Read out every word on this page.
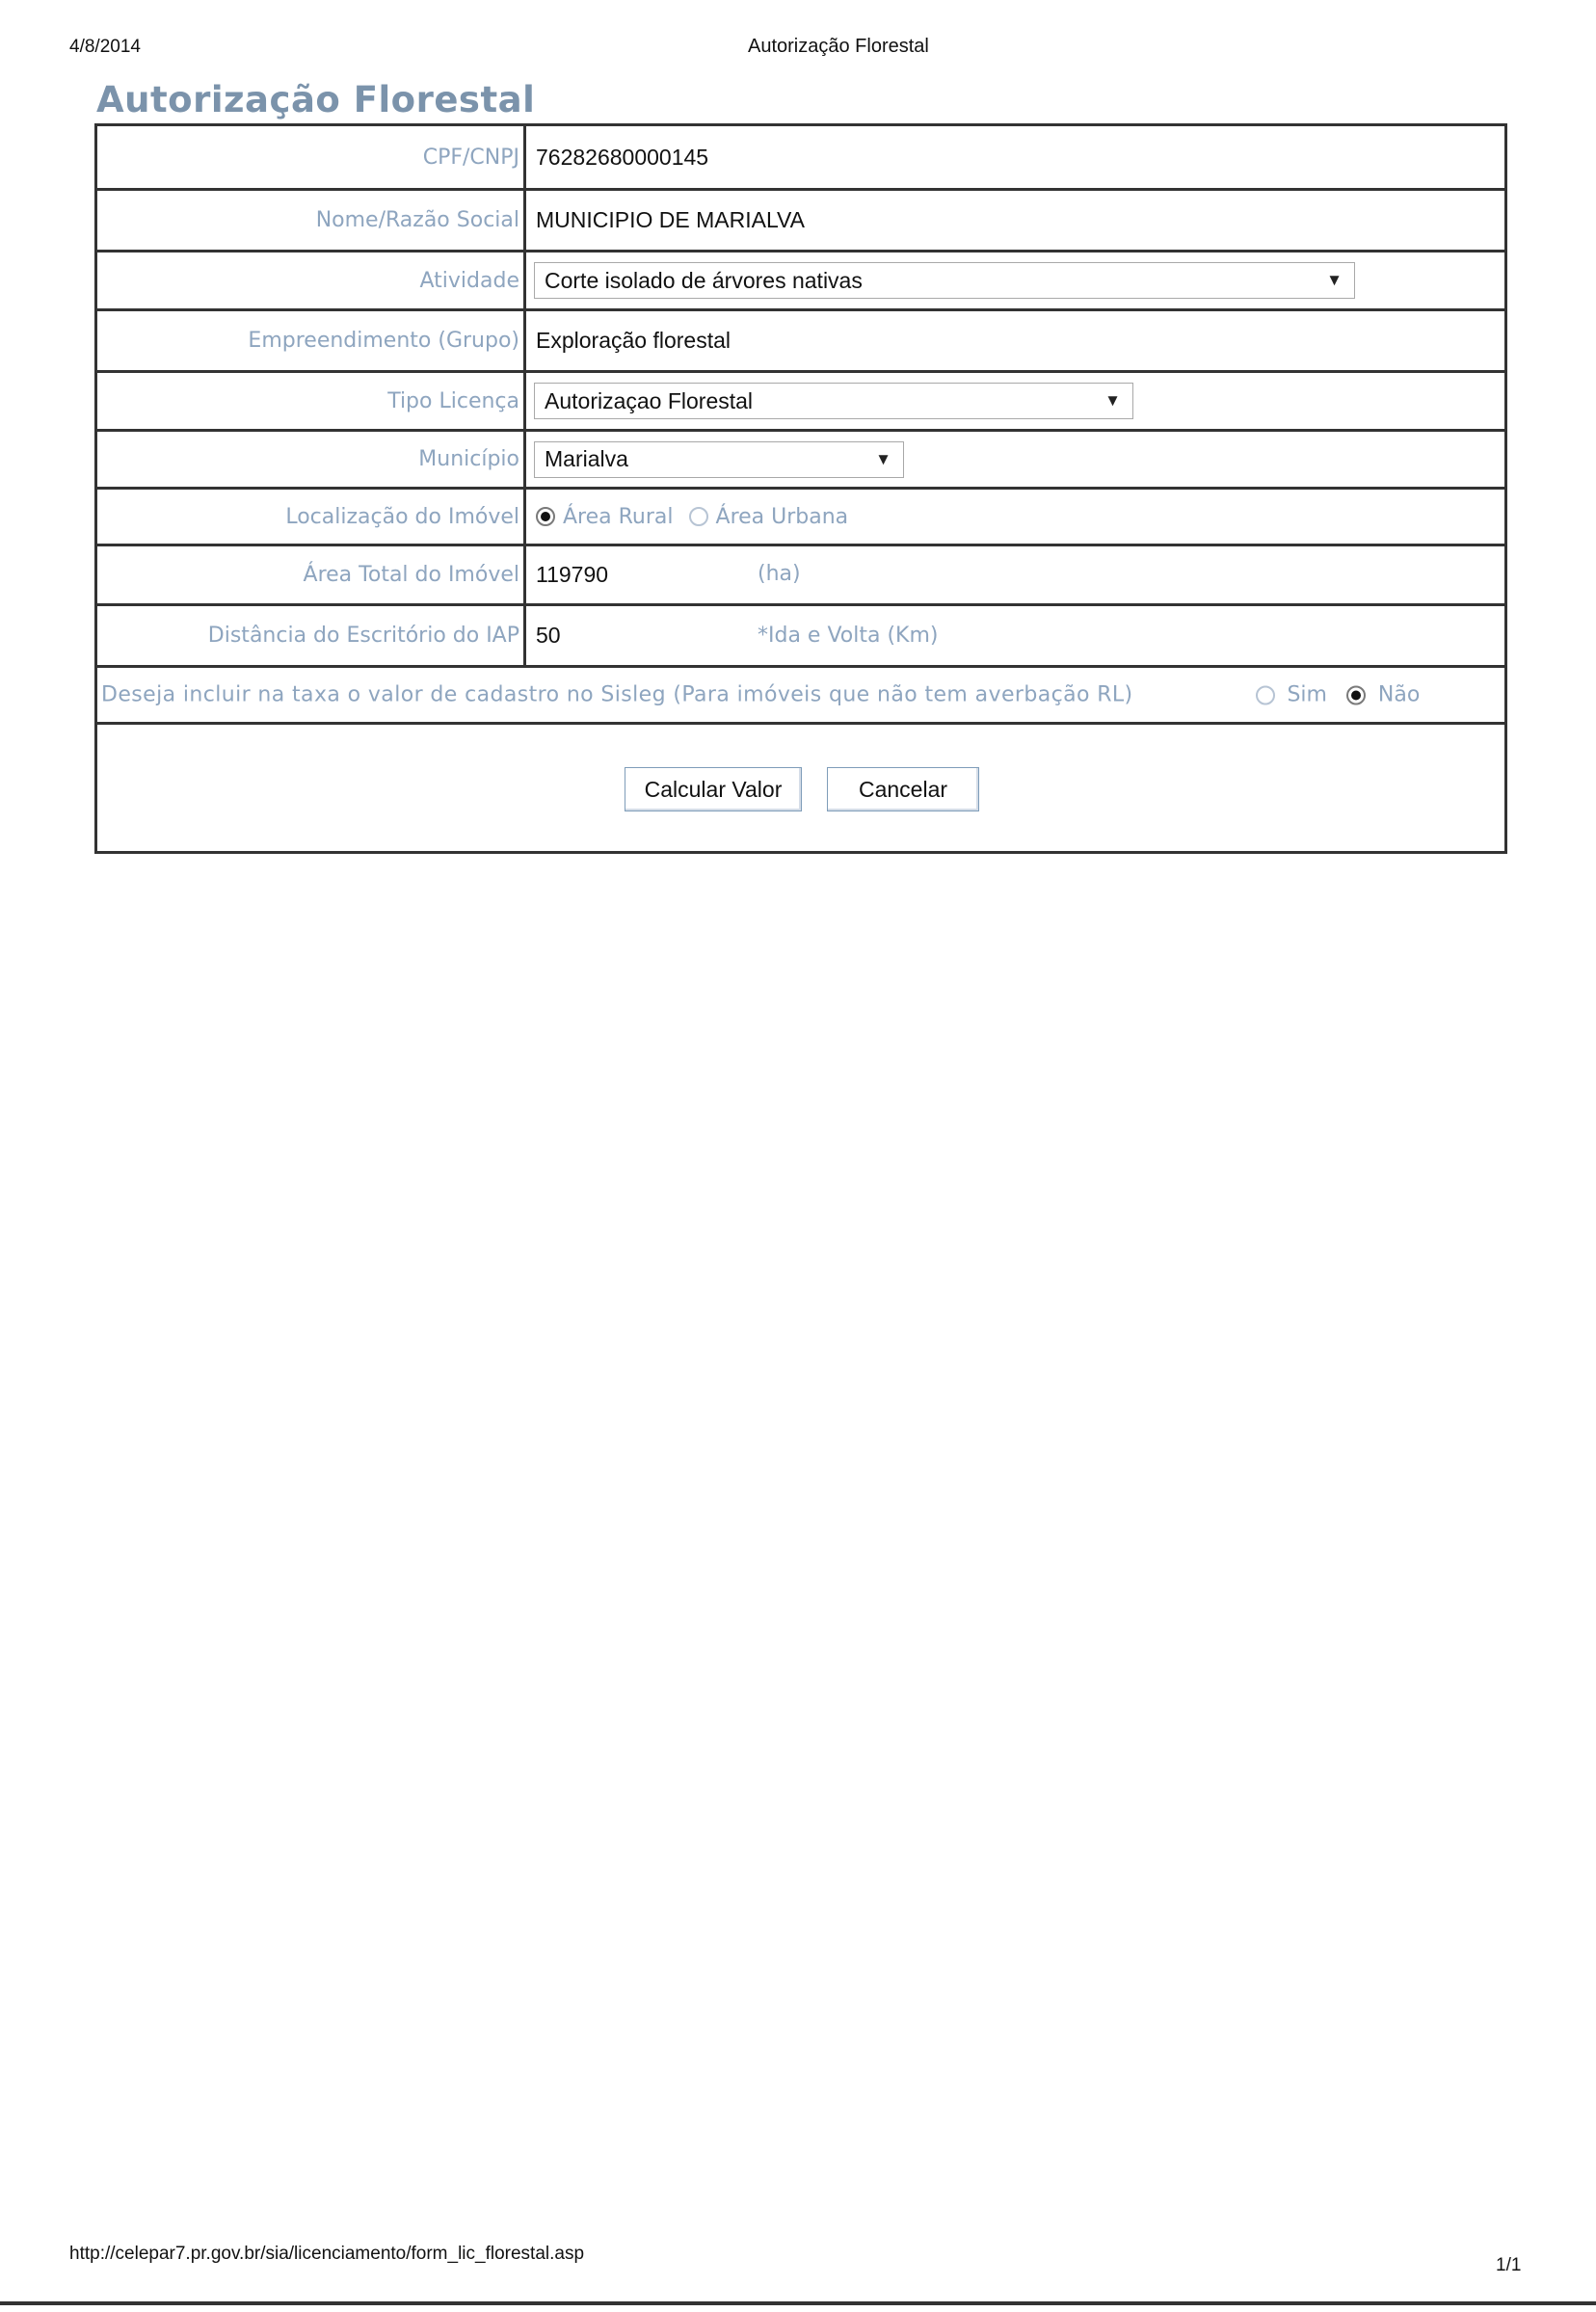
4/8/2014	Autorização Florestal
Autorização Florestal
CPF/CNPJ 76282680000145
Nome/Razão Social MUNICIPIO DE MARIALVA
Atividade	Corte isolado de árvores nativas	▼
Empreendimento (Grupo) Exploração florestal
Tipo Licença	Autorizaçao Florestal	▼
Município	Marialva	▼
Localização do Imóvel	Área Rural Área Urbana
Área Total do Imóvel 119790	(ha)
Distância do Escritório do IAP 50	*Ida e Volta (Km)
Deseja incluir na taxa o valor de cadastro no Sisleg (Para imóveis que não tem averbação RL)	Sim Não
Calcular Valor	Cancelar
http://celepar7.pr.gov.br/sia/licenciamento/form_lic_florestal.asp
1/1
